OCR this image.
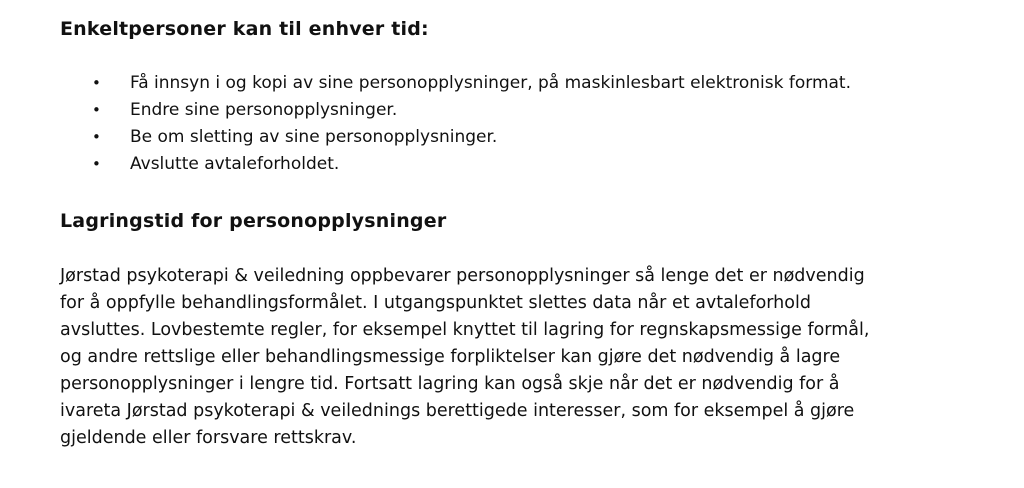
Enkeltpersoner kan til enhver tid:
• Få innsyn i og kopi av sine personopplysninger, på maskinlesbart elektronisk format.
• Endre sine personopplysninger.
• Be om sletting av sine personopplysninger.
• Avslutte avtaleforholdet.
Lagringstid for personopplysninger

Jørstad psykoterapi & veiledning oppbevarer personopplysninger så lenge det er nødvendig
for å oppfylle behandlingsformålet. I utgangspunktet slettes data når et avtaleforhold
avsluttes. Lovbestemte regler, for eksempel knyttet til lagring for regnskapsmessige formål,
og andre rettslige eller behandlingsmessige forpliktelser kan gjøre det nødvendig å lagre
personopplysninger i lengre tid. Fortsatt lagring kan også skje når det er nødvendig for å
ivareta Jørstad psykoterapi & veilednings berettigede interesser, som for eksempel å gjøre
gjeldende eller forsvare rettskrav.
